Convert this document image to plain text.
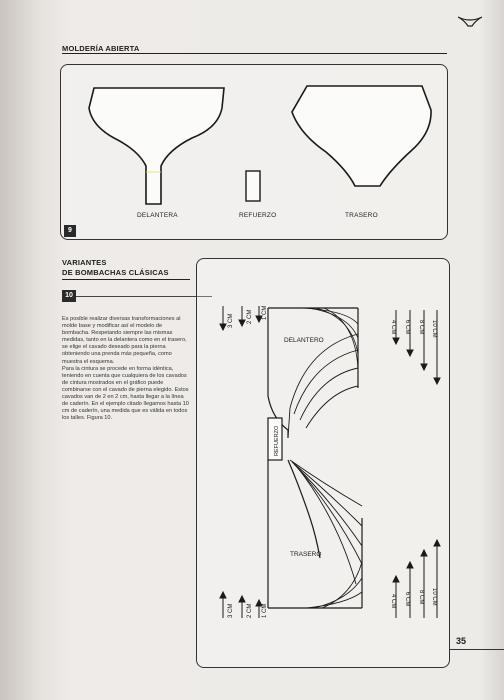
MOLDERÍA ABIERTA
9
DELANTERA	REFUERZO	TRASERO
VARIANTES
DE BOMBACHAS CLÁSICAS
10

Es posible realizar diversas transformaciones al molde base y modificar así el modelo de bombacha. Respetando siempre las mismas medidas, tanto en la delantera como en el trasero, se elige el cavado deseado para la pierna obteniendo una prenda más pequeña, como muestra el esquema.

Para la cintura se procede en forma idéntica, teniendo en cuenta que cualquiera de los cavados de cintura mostrados en el gráfico puede combinarse con el cavado de pierna elegido. Estos cavados van de 2 en 2 cm, hasta llegar a la línea de caderín. En el ejemplo citado llegamos hasta 10 cm de caderín, una medida que es válida en todos los talles. Figura 10.

3 CM 2 CM 1 CM
4 CM 6 CM 8 CM 10 CM
3 CM 2 CM 1 CM
4 CM 6 CM 8 CM 10 CM
DELANTERO
REFUERZO
TRASERO
35
